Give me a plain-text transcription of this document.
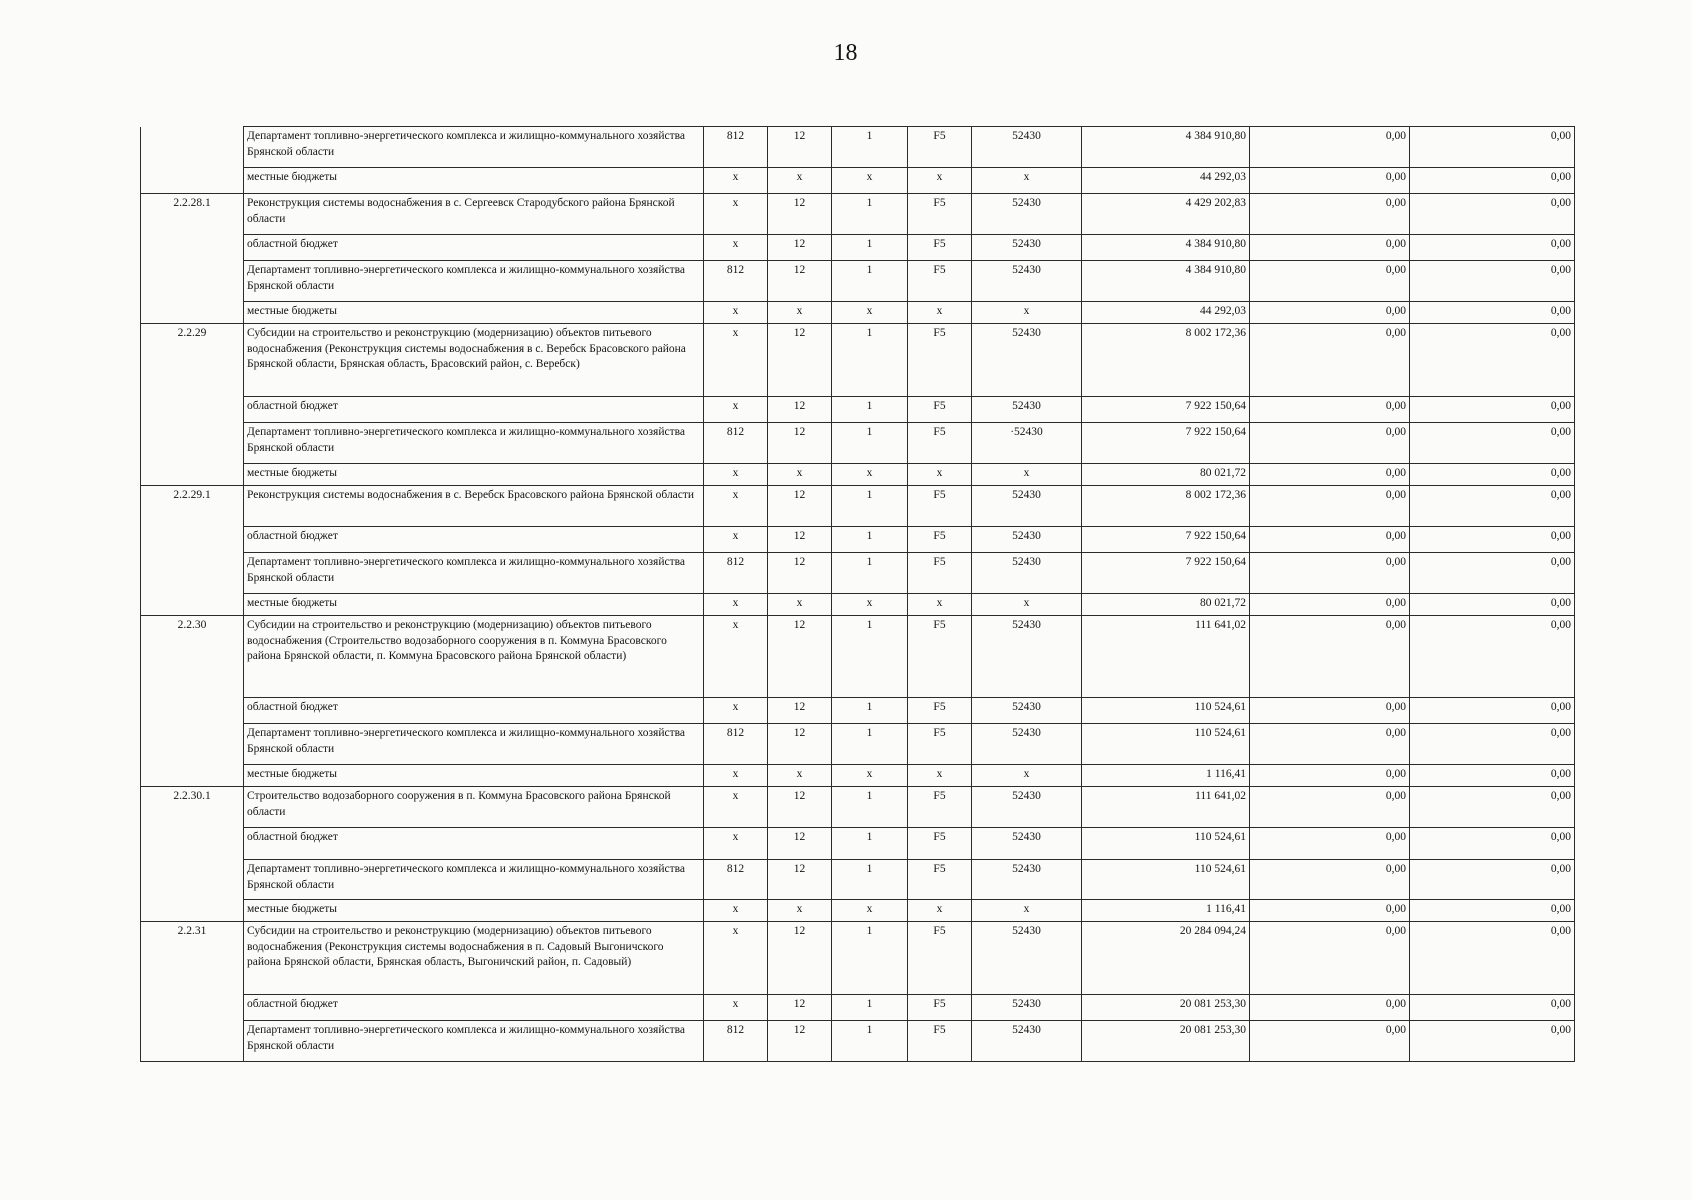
18
	Департамент топливно-энергетического комплекса и жилищно-коммунального хозяйства Брянской области	812	12	1	F5	52430	4 384 910,80	0,00	0,00
	местные бюджеты	x	x	x	x	x	44 292,03	0,00	0,00
2.2.28.1	Реконструкция системы водоснабжения в с. Сергеевск Стародубского района Брянской области	x	12	1	F5	52430	4 429 202,83	0,00	0,00
	областной бюджет	x	12	1	F5	52430	4 384 910,80	0,00	0,00
	Департамент топливно-энергетического комплекса и жилищно-коммунального хозяйства Брянской области	812	12	1	F5	52430	4 384 910,80	0,00	0,00
	местные бюджеты	x	x	x	x	x	44 292,03	0,00	0,00
2.2.29	Субсидии на строительство и реконструкцию (модернизацию) объектов питьевого водоснабжения (Реконструкция системы водоснабжения в с. Веребск Брасовского района Брянской области, Брянская область, Брасовский район, с. Веребск)	x	12	1	F5	52430	8 002 172,36	0,00	0,00
	областной бюджет	x	12	1	F5	52430	7 922 150,64	0,00	0,00
	Департамент топливно-энергетического комплекса и жилищно-коммунального хозяйства Брянской области	812	12	1	F5	·52430	7 922 150,64	0,00	0,00
	местные бюджеты	x	x	x	x	x	80 021,72	0,00	0,00
2.2.29.1	Реконструкция системы водоснабжения в с. Веребск Брасовского района Брянской области	x	12	1	F5	52430	8 002 172,36	0,00	0,00
	областной бюджет	x	12	1	F5	52430	7 922 150,64	0,00	0,00
	Департамент топливно-энергетического комплекса и жилищно-коммунального хозяйства Брянской области	812	12	1	F5	52430	7 922 150,64	0,00	0,00
	местные бюджеты	x	x	x	x	x	80 021,72	0,00	0,00
2.2.30	Субсидии на строительство и реконструкцию (модернизацию) объектов питьевого водоснабжения (Строительство водозаборного сооружения в п. Коммуна Брасовского района Брянской области, п. Коммуна Брасовского района Брянской области)	x	12	1	F5	52430	111 641,02	0,00	0,00
	областной бюджет	x	12	1	F5	52430	110 524,61	0,00	0,00
	Департамент топливно-энергетического комплекса и жилищно-коммунального хозяйства Брянской области	812	12	1	F5	52430	110 524,61	0,00	0,00
	местные бюджеты	x	x	x	x	x	1 116,41	0,00	0,00
2.2.30.1	Строительство водозаборного сооружения в п. Коммуна Брасовского района Брянской области	x	12	1	F5	52430	111 641,02	0,00	0,00
	областной бюджет	x	12	1	F5	52430	110 524,61	0,00	0,00
	Департамент топливно-энергетического комплекса и жилищно-коммунального хозяйства Брянской области	812	12	1	F5	52430	110 524,61	0,00	0,00
	местные бюджеты	x	x	x	x	x	1 116,41	0,00	0,00
2.2.31	Субсидии на строительство и реконструкцию (модернизацию) объектов питьевого водоснабжения (Реконструкция системы водоснабжения в п. Садовый Выгоничского района Брянской области, Брянская область, Выгоничский район, п. Садовый)	x	12	1	F5	52430	20 284 094,24	0,00	0,00
	областной бюджет	x	12	1	F5	52430	20 081 253,30	0,00	0,00
	Департамент топливно-энергетического комплекса и жилищно-коммунального хозяйства Брянской области	812	12	1	F5	52430	20 081 253,30	0,00	0,00
